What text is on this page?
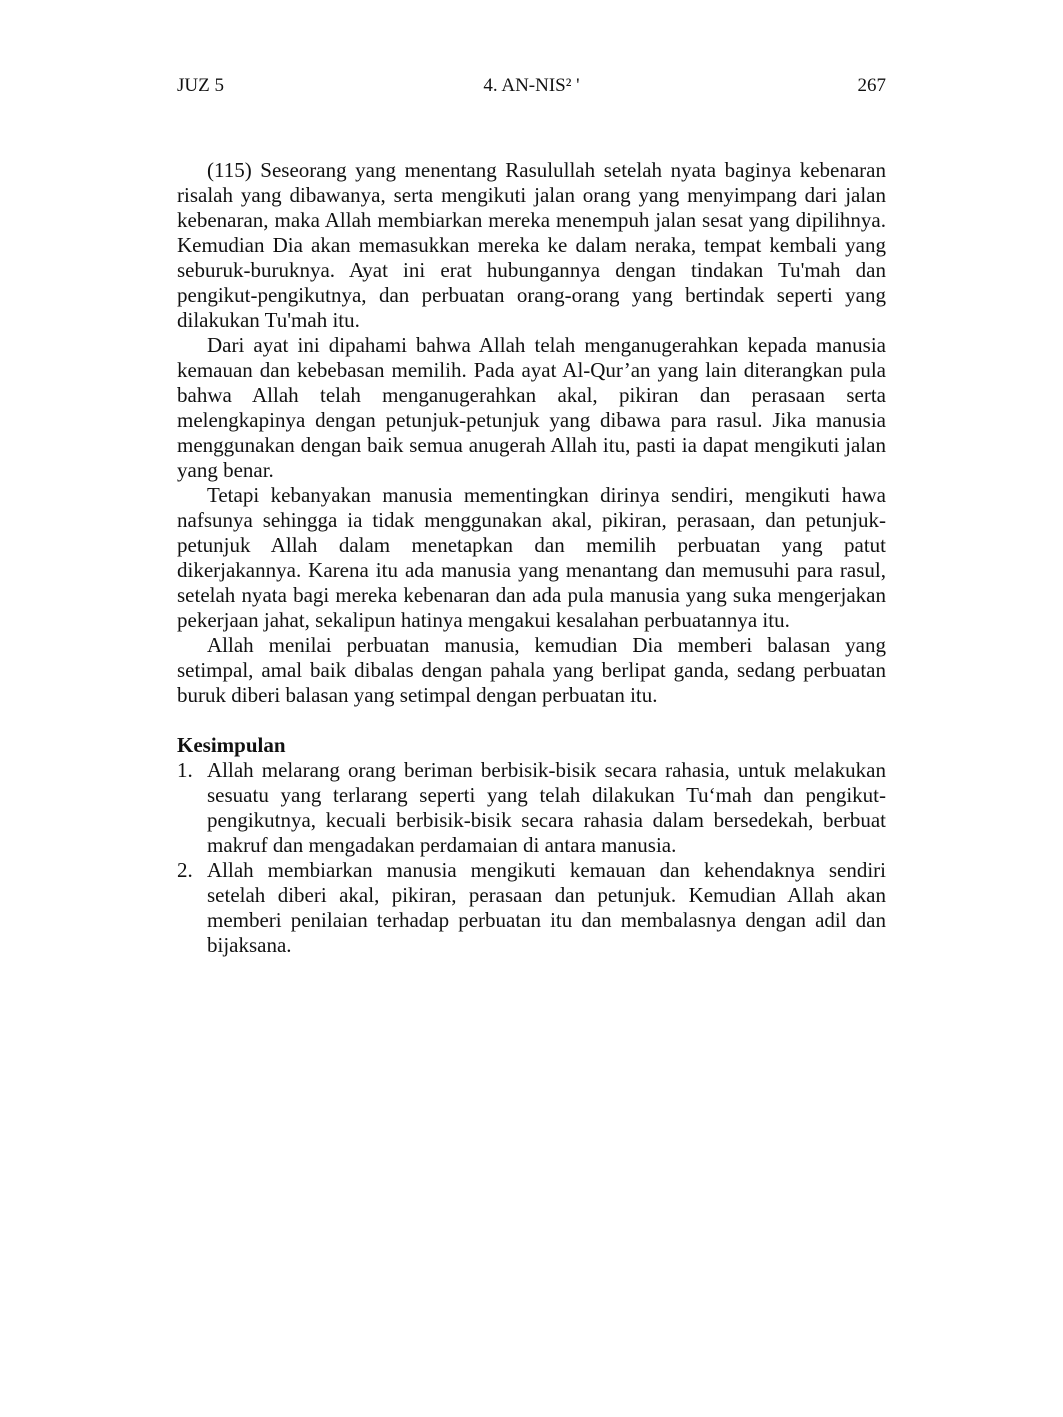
JUZ 5	4. AN-NIS² '	267

(115) Seseorang yang menentang Rasulullah setelah nyata baginya kebenaran risalah yang dibawanya, serta mengikuti jalan orang yang menyimpang dari jalan kebenaran, maka Allah membiarkan mereka menempuh jalan sesat yang dipilihnya. Kemudian Dia akan memasukkan mereka ke dalam neraka, tempat kembali yang seburuk-buruknya. Ayat ini erat hubungannya dengan tindakan Tu'mah dan pengikut-pengikutnya, dan perbuatan orang-orang yang bertindak seperti yang dilakukan Tu'mah itu.

Dari ayat ini dipahami bahwa Allah telah menganugerahkan kepada manusia kemauan dan kebebasan memilih. Pada ayat Al-Qur’an yang lain diterangkan pula bahwa Allah telah menganugerahkan akal, pikiran dan perasaan serta melengkapinya dengan petunjuk-petunjuk yang dibawa para rasul. Jika manusia menggunakan dengan baik semua anugerah Allah itu, pasti ia dapat mengikuti jalan yang benar.

Tetapi kebanyakan manusia mementingkan dirinya sendiri, mengikuti hawa nafsunya sehingga ia tidak menggunakan akal, pikiran, perasaan, dan petunjuk-petunjuk Allah dalam menetapkan dan memilih perbuatan yang patut dikerjakannya. Karena itu ada manusia yang menantang dan memusuhi para rasul, setelah nyata bagi mereka kebenaran dan ada pula manusia yang suka mengerjakan pekerjaan jahat, sekalipun hatinya mengakui kesalahan perbuatannya itu.

Allah menilai perbuatan manusia, kemudian Dia memberi balasan yang setimpal, amal baik dibalas dengan pahala yang berlipat ganda, sedang perbuatan buruk diberi balasan yang setimpal dengan perbuatan itu.

Kesimpulan
1. Allah melarang orang beriman berbisik-bisik secara rahasia, untuk melakukan sesuatu yang terlarang seperti yang telah dilakukan Tu‘mah dan pengikut-pengikutnya, kecuali berbisik-bisik secara rahasia dalam bersedekah, berbuat makruf dan mengadakan perdamaian di antara manusia.
2. Allah membiarkan manusia mengikuti kemauan dan kehendaknya sendiri setelah diberi akal, pikiran, perasaan dan petunjuk. Kemudian Allah akan memberi penilaian terhadap perbuatan itu dan membalasnya dengan adil dan bijaksana.
